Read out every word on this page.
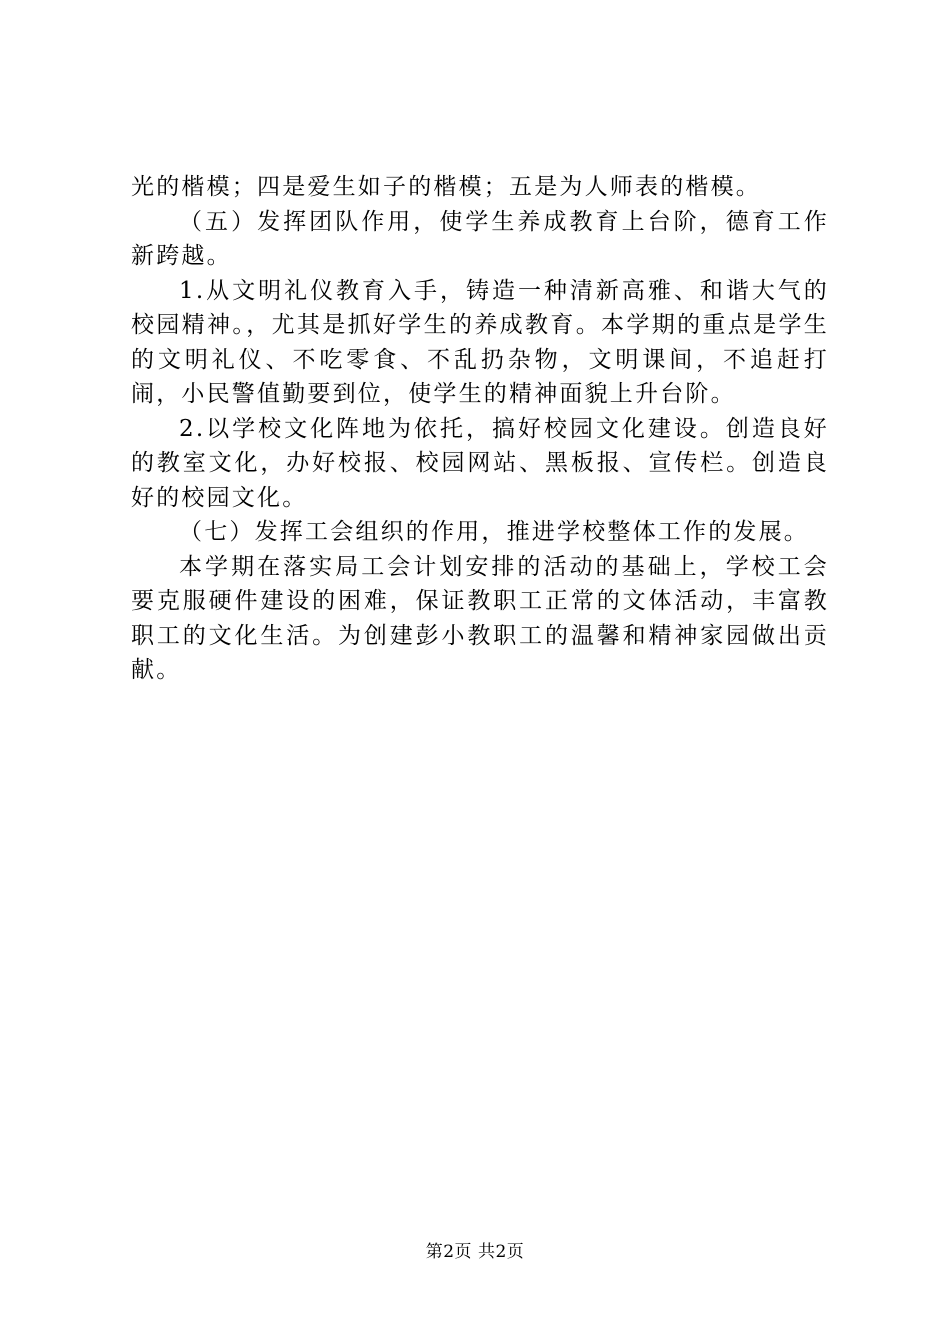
光的楷模；四是爱生如子的楷模；五是为人师表的楷模。

（五）发挥团队作用，使学生养成教育上台阶，德育工作新跨越。

1.从文明礼仪教育入手，铸造一种清新高雅、和谐大气的校园精神。，尤其是抓好学生的养成教育。本学期的重点是学生的文明礼仪、不吃零食、不乱扔杂物，文明课间，不追赶打闹，小民警值勤要到位，使学生的精神面貌上升台阶。

2.以学校文化阵地为依托，搞好校园文化建设。创造良好的教室文化，办好校报、校园网站、黑板报、宣传栏。创造良好的校园文化。

（七）发挥工会组织的作用，推进学校整体工作的发展。

本学期在落实局工会计划安排的活动的基础上，学校工会要克服硬件建设的困难，保证教职工正常的文体活动，丰富教职工的文化生活。为创建彭小教职工的温馨和精神家园做出贡献。

第2页 共2页
